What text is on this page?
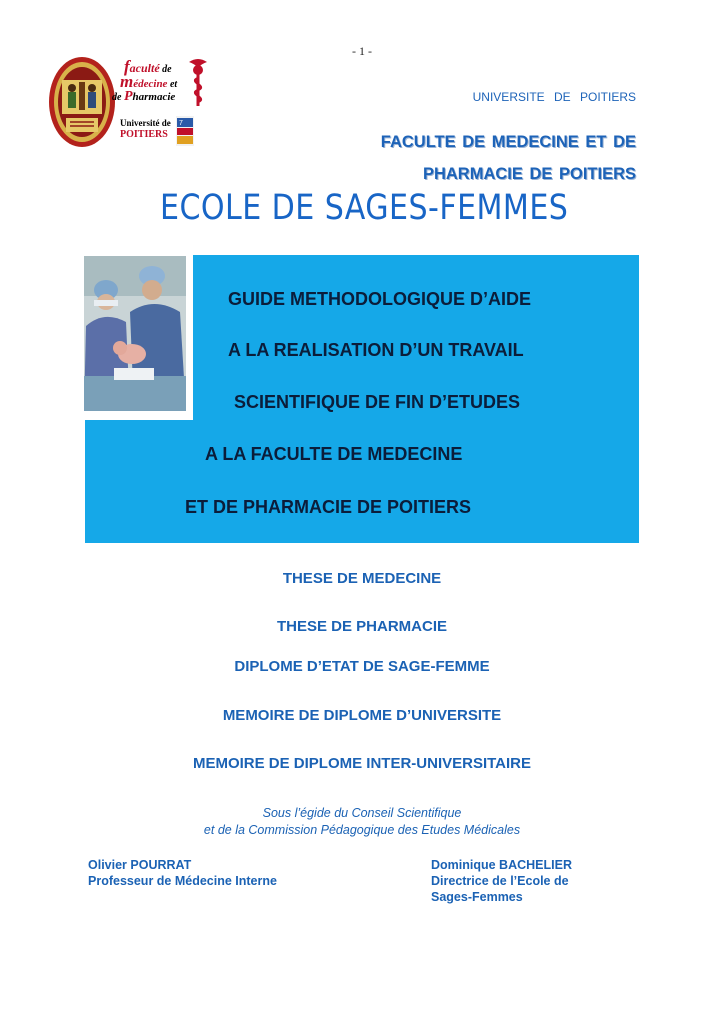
- 1 -
faculté de
médecine et
de Pharmacie
Université de
POITIERS
7
UNIVERSITE DE POITIERS
FACULTE DE MEDECINE ET DE
PHARMACIE DE POITIERS
ECOLE DE SAGES-FEMMES
GUIDE METHODOLOGIQUE D’AIDE
A LA REALISATION D’UN TRAVAIL
SCIENTIFIQUE DE FIN D’ETUDES
A LA FACULTE DE MEDECINE
ET DE PHARMACIE DE POITIERS
THESE DE MEDECINE
THESE DE PHARMACIE
DIPLOME D’ETAT DE SAGE-FEMME
MEMOIRE DE DIPLOME D’UNIVERSITE
MEMOIRE DE DIPLOME INTER-UNIVERSITAIRE
Sous l’égide du Conseil Scientifique
et de la Commission Pédagogique des Etudes Médicales
Olivier POURRAT
Professeur de Médecine Interne
Dominique BACHELIER
Directrice de l’Ecole de
Sages-Femmes
